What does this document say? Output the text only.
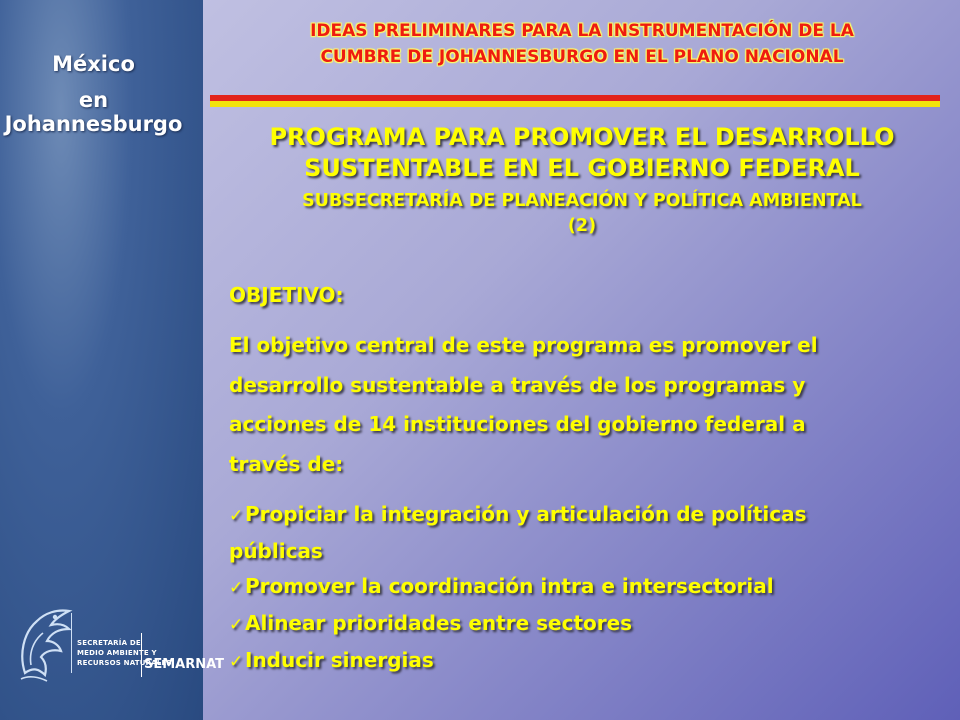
México
en Johannesburgo
SECRETARÍA DE
MEDIO AMBIENTE Y
RECURSOS NATURALES
SEMARNAT
IDEAS PRELIMINARES PARA LA INSTRUMENTACIÓN DE LA
CUMBRE DE JOHANNESBURGO EN EL PLANO NACIONAL
PROGRAMA PARA PROMOVER EL DESARROLLO
SUSTENTABLE EN EL GOBIERNO FEDERAL
SUBSECRETARÍA DE PLANEACIÓN Y POLÍTICA AMBIENTAL
(2)
OBJETIVO:
El objetivo central de este programa es promover el
desarrollo sustentable a través de los programas y
acciones de 14 instituciones del gobierno federal a
través de:
✓Propiciar la integración y articulación de políticas
públicas
✓Promover la coordinación intra e intersectorial
✓Alinear prioridades entre sectores
✓Inducir sinergias
